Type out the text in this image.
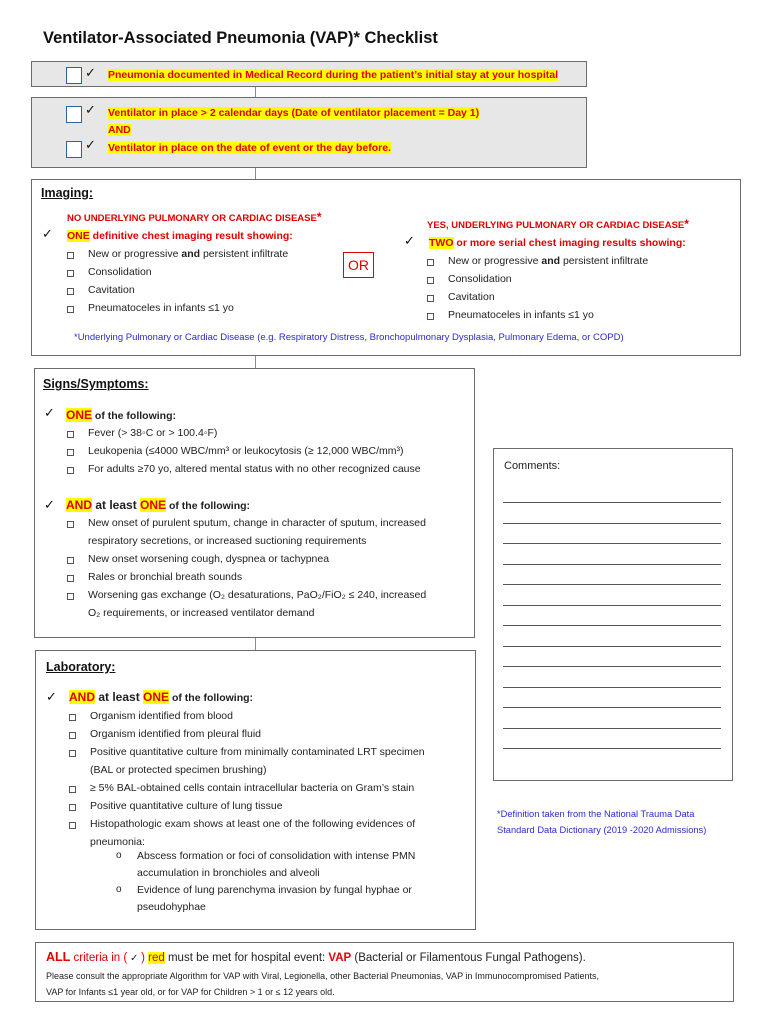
Ventilator-Associated Pneumonia (VAP)* Checklist
✓ Pneumonia documented in Medical Record during the patient’s initial stay at your hospital
✓ Ventilator in place > 2 calendar days (Date of ventilator placement = Day 1)
AND
✓ Ventilator in place on the date of event or the day before.
Imaging:
NO UNDERLYING PULMONARY OR CARDIAC DISEASE*
✓ ONE definitive chest imaging result showing:
New or progressive and persistent infiltrate
Consolidation
Cavitation
Pneumatoceles in infants ≤1 yo
OR
YES, UNDERLYING PULMONARY OR CARDIAC DISEASE*
✓ TWO or more serial chest imaging results showing:
New or progressive and persistent infiltrate
Consolidation
Cavitation
Pneumatoceles in infants ≤1 yo
*Underlying Pulmonary or Cardiac Disease (e.g. Respiratory Distress, Bronchopulmonary Dysplasia, Pulmonary Edema, or COPD)
Signs/Symptoms:
✓ ONE of the following:
Fever (> 38◦C or > 100.4◦F)
Leukopenia (≤4000 WBC/mm³ or leukocytosis (≥ 12,000 WBC/mm³)
For adults ≥70 yo, altered mental status with no other recognized cause
✓ AND at least ONE of the following:
New onset of purulent sputum, change in character of sputum, increased
respiratory secretions, or increased suctioning requirements
New onset worsening cough, dyspnea or tachypnea
Rales or bronchial breath sounds
Worsening gas exchange (O₂ desaturations, PaO₂/FiO₂ ≤ 240, increased
O₂ requirements, or increased ventilator demand
Comments:
Laboratory:
✓ AND at least ONE of the following:
Organism identified from blood
Organism identified from pleural fluid
Positive quantitative culture from minimally contaminated LRT specimen
(BAL or protected specimen brushing)
≥ 5% BAL-obtained cells contain intracellular bacteria on Gram’s stain
Positive quantitative culture of lung tissue
Histopathologic exam shows at least one of the following evidences of
pneumonia:
o Abscess formation or foci of consolidation with intense PMN
accumulation in bronchioles and alveoli
o Evidence of lung parenchyma invasion by fungal hyphae or
pseudohyphae
*Definition taken from the National Trauma Data
Standard Data Dictionary (2019 -2020 Admissions)
ALL criteria in ( ✓ ) red must be met for hospital event: VAP (Bacterial or Filamentous Fungal Pathogens).
Please consult the appropriate Algorithm for VAP with Viral, Legionella, other Bacterial Pneumonias, VAP in Immunocompromised Patients,
VAP for Infants ≤1 year old, or for VAP for Children > 1 or ≤ 12 years old.
